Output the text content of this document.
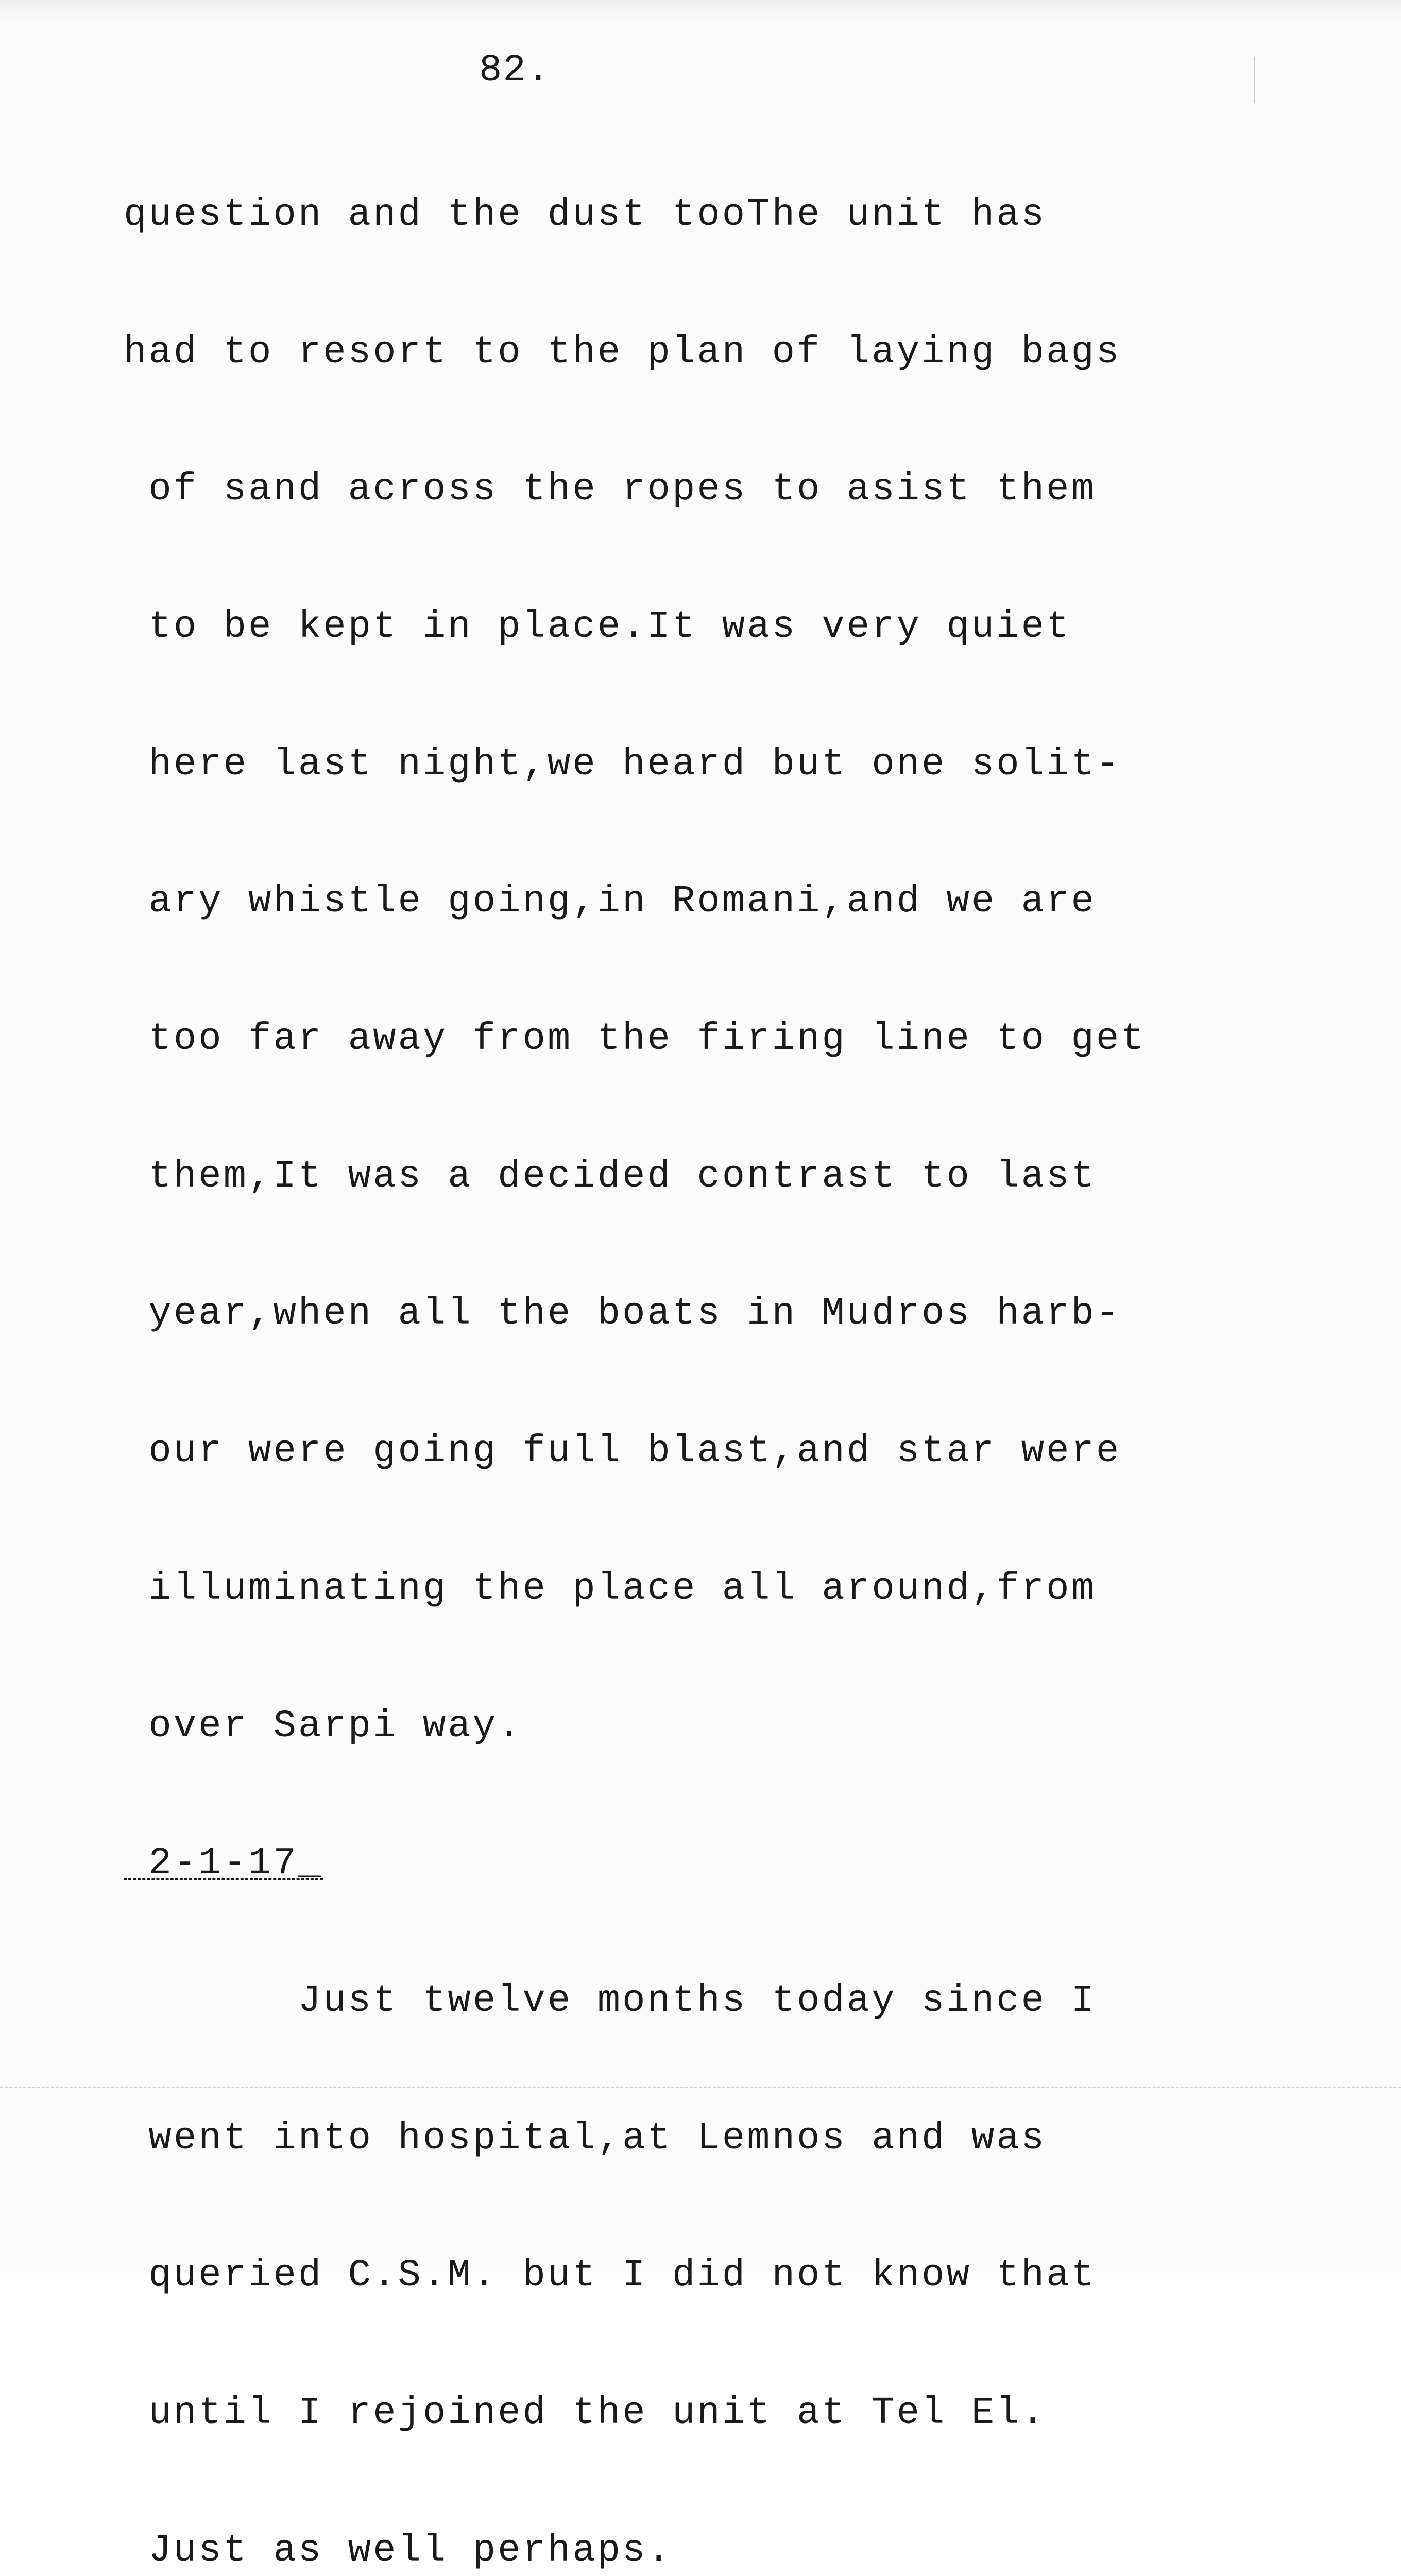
82.

question and the dust tooThe unit has

had to resort to the plan of laying bags

of sand across the ropes to asist them

to be kept in place.It was very quiet

here last night,we heard but one solit-

ary whistle going,in Romani,and we are

too far away from the firing line to get

them,It was a decided contrast to last

year,when all the boats in Mudros harb-

our were going full blast,and star were

illuminating the place all around,from

over Sarpi way.

2-1-17_

Just twelve months today since I

went into hospital,at Lemnos and was

queried C.S.M. but I did not know that

until I rejoined the unit at Tel El.

Just as well perhaps.
